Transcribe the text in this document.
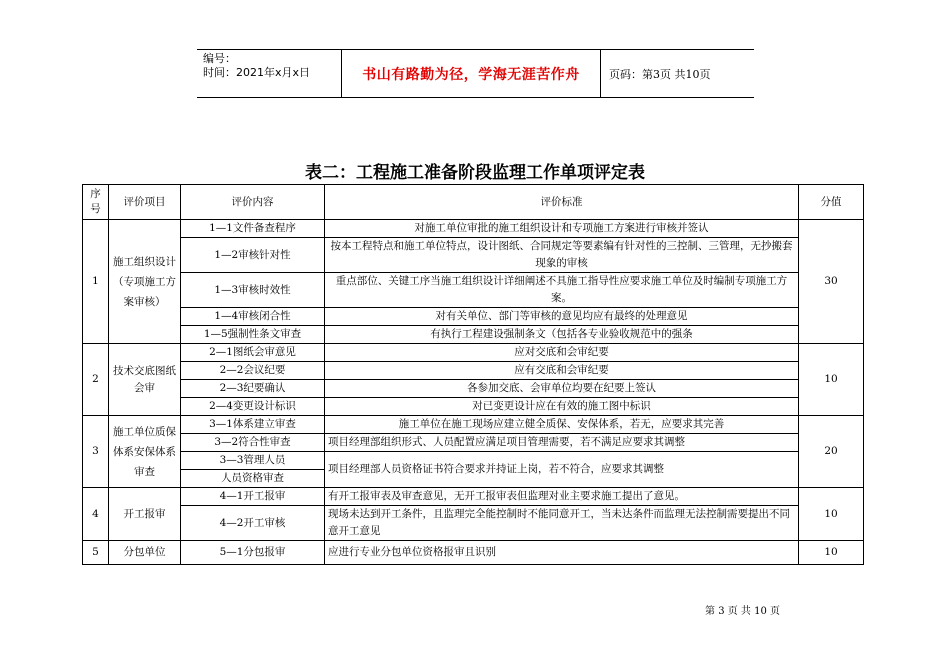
编号：
时间：2021年x月x日	书山有路勤为径，学海无涯苦作舟	页码：第3页 共10页
表二：工程施工准备阶段监理工作单项评定表
序号	评价项目	评价内容	评价标准	分值
1	施工组织设计（专项施工方案审核）	1—1文件备查程序	对施工单位审批的施工组织设计和专项施工方案进行审核并签认	30
		1—2审核针对性	按本工程特点和施工单位特点，设计图纸、合同规定等要素编有针对性的三控制、三管理，无抄搬套现象的审核	
		1—3审核时效性	重点部位、关键工序当施工组织设计详细阐述不具施工指导性应要求施工单位及时编制专项施工方案。	
		1—4审核闭合性	对有关单位、部门等审核的意见均应有最终的处理意见	
		1—5强制性条文审查	有执行工程建设强制条文（包括各专业验收规范中的强条	
2	技术交底图纸会审	2—1图纸会审意见	应对交底和会审纪要	10
		2—2会议纪要	应有交底和会审纪要	
		2—3纪要确认	各参加交底、会审单位均要在纪要上签认	
		2—4变更设计标识	对已变更设计应在有效的施工图中标识	
3	施工单位质保体系安保体系审查	3—1体系建立审查	施工单位在施工现场应建立健全质保、安保体系，若无，应要求其完善	20
		3—2符合性审查	项目经理部组织形式、人员配置应满足项目管理需要，若不满足应要求其调整	
		3—3管理人员	项目经理部人员资格证书符合要求并持证上岗，若不符合，应要求其调整	
		人员资格审查		
4	开工报审	4—1开工报审	有开工报审表及审查意见，无开工报审表但监理对业主要求施工提出了意见。	10
		4—2开工审核	现场未达到开工条件，且监理完全能控制时不能同意开工，当未达条件而监理无法控制需要提出不同意开工意见	
5	分包单位	5—1分包报审	应进行专业分包单位资格报审且识别	10
第 3 页 共 10 页
